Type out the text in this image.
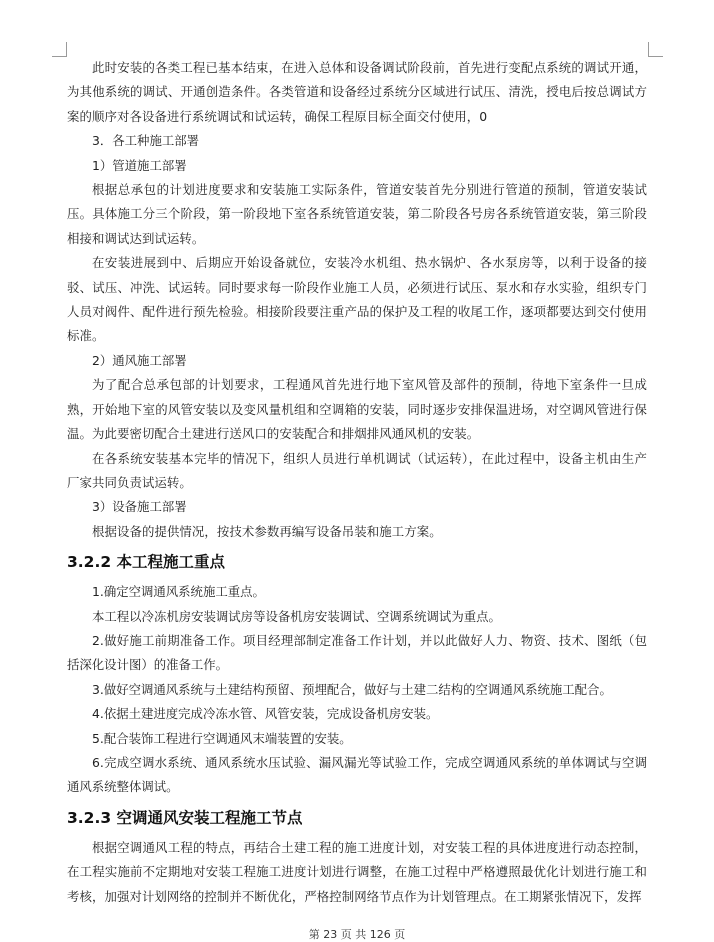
此时安装的各类工程已基本结束，在进入总体和设备调试阶段前，首先进行变配点系统的调试开通，为其他系统的调试、开通创造条件。各类管道和设备经过系统分区域进行试压、清洗，授电后按总调试方案的顺序对各设备进行系统调试和试运转，确保工程原目标全面交付使用，0

3．各工种施工部署

1）管道施工部署

根据总承包的计划进度要求和安装施工实际条件，管道安装首先分别进行管道的预制，管道安装试压。具体施工分三个阶段，第一阶段地下室各系统管道安装，第二阶段各号房各系统管道安装，第三阶段相接和调试达到试运转。

在安装进展到中、后期应开始设备就位，安装冷水机组、热水锅炉、各水泵房等，以利于设备的接驳、试压、冲洗、试运转。同时要求每一阶段作业施工人员，必须进行试压、泵水和存水实验，组织专门人员对阀件、配件进行预先检验。相接阶段要注重产品的保护及工程的收尾工作，逐项都要达到交付使用标准。

2）通风施工部署

为了配合总承包部的计划要求，工程通风首先进行地下室风管及部件的预制，待地下室条件一旦成熟，开始地下室的风管安装以及变风量机组和空调箱的安装，同时逐步安排保温进场，对空调风管进行保温。为此要密切配合土建进行送风口的安装配合和排烟排风通风机的安装。

在各系统安装基本完毕的情况下，组织人员进行单机调试（试运转），在此过程中，设备主机由生产厂家共同负责试运转。

3）设备施工部署

根据设备的提供情况，按技术参数再编写设备吊装和施工方案。

3.2.2 本工程施工重点

1.确定空调通风系统施工重点。

本工程以冷冻机房安装调试房等设备机房安装调试、空调系统调试为重点。

2.做好施工前期准备工作。项目经理部制定准备工作计划，并以此做好人力、物资、技术、图纸（包括深化设计图）的准备工作。

3.做好空调通风系统与土建结构预留、预埋配合，做好与土建二结构的空调通风系统施工配合。

4.依据土建进度完成冷冻水管、风管安装，完成设备机房安装。

5.配合装饰工程进行空调通风末端装置的安装。

6.完成空调水系统、通风系统水压试验、漏风漏光等试验工作，完成空调通风系统的单体调试与空调通风系统整体调试。

3.2.3 空调通风安装工程施工节点

根据空调通风工程的特点，再结合土建工程的施工进度计划，对安装工程的具体进度进行动态控制，在工程实施前不定期地对安装工程施工进度计划进行调整，在施工过程中严格遵照最优化计划进行施工和考核，加强对计划网络的控制并不断优化，严格控制网络节点作为计划管理点。在工期紧张情况下，发挥

第 23 页 共 126 页
